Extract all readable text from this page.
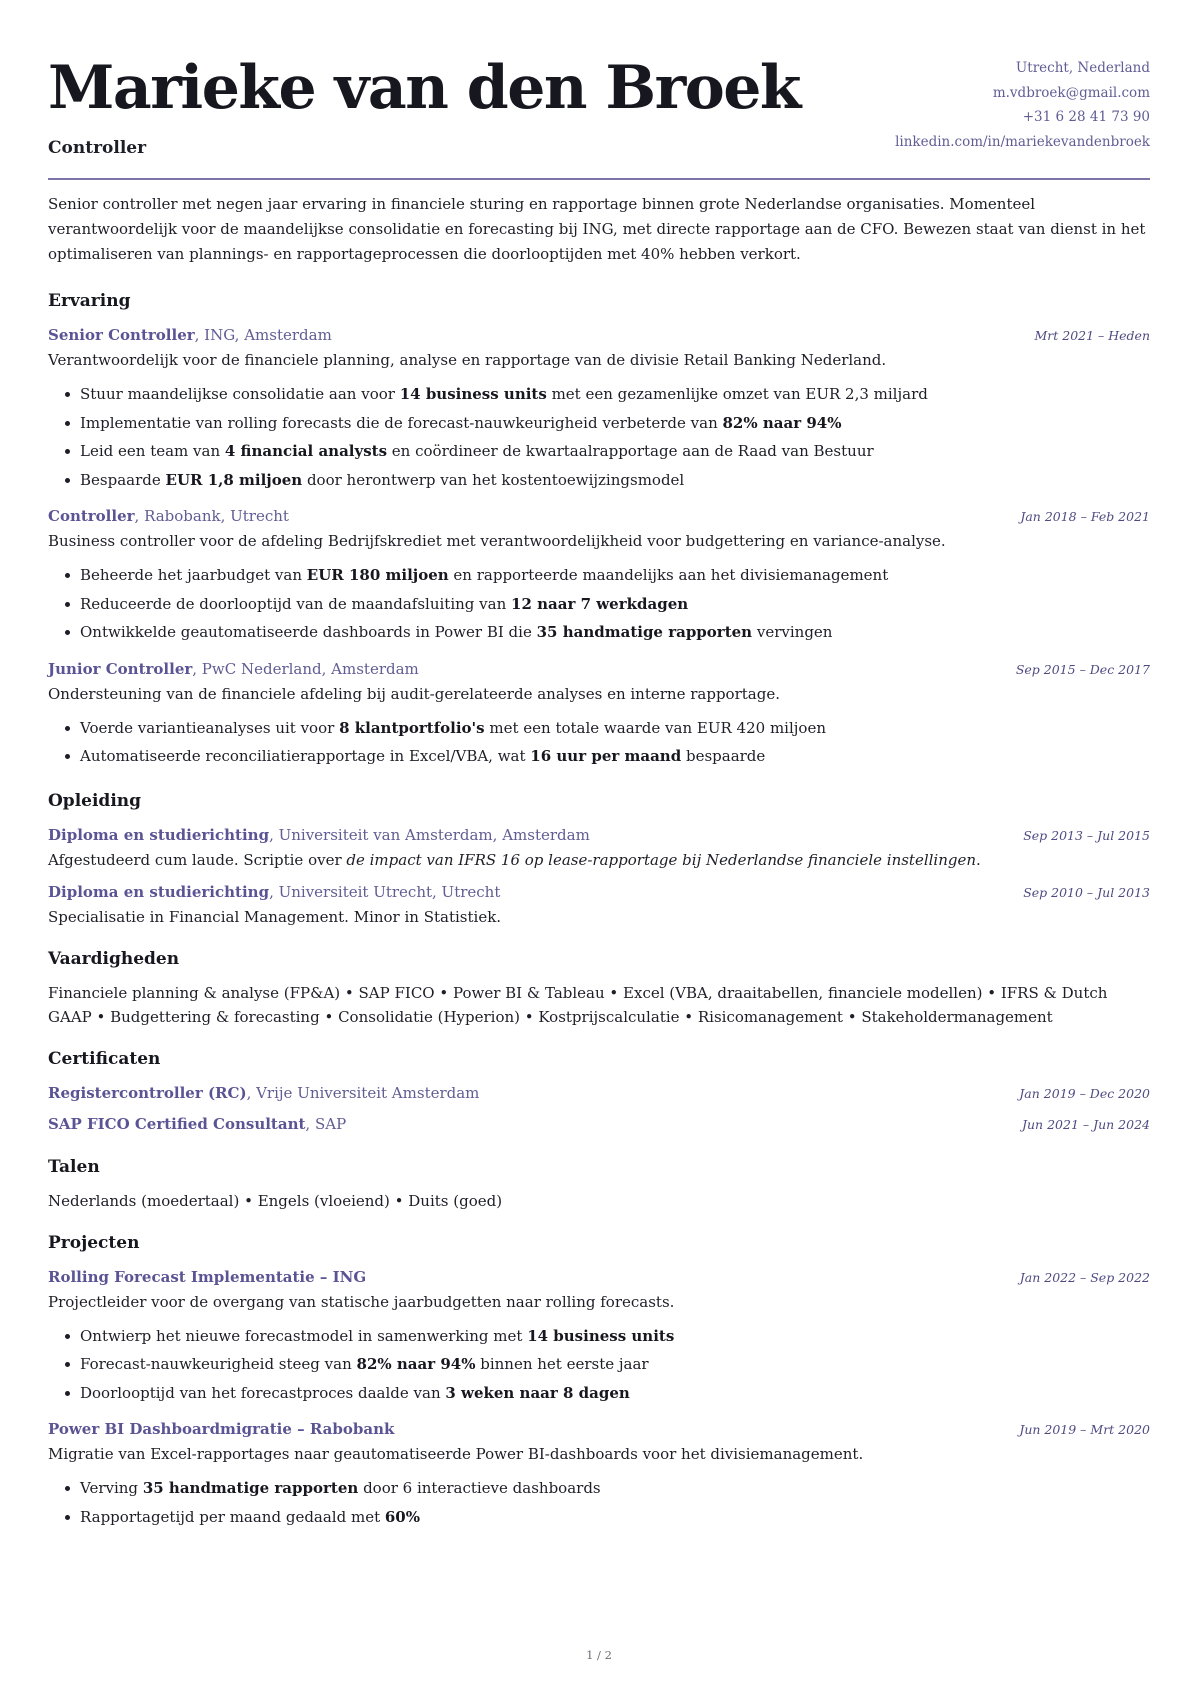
Marieke van den Broek
Controller
Utrecht, Nederland
m.vdbroek@gmail.com
+31 6 28 41 73 90
linkedin.com/in/mariekevandenbroek

Senior controller met negen jaar ervaring in financiele sturing en rapportage binnen grote Nederlandse organisaties. Momenteel verantwoordelijk voor de maandelijkse consolidatie en forecasting bij ING, met directe rapportage aan de CFO. Bewezen staat van dienst in het optimaliseren van plannings- en rapportageprocessen die doorlooptijden met 40% hebben verkort.

Ervaring
Senior Controller, ING, Amsterdam	Mrt 2021 – Heden

Verantwoordelijk voor de financiele planning, analyse en rapportage van de divisie Retail Banking Nederland.

Stuur maandelijkse consolidatie aan voor 14 business units met een gezamenlijke omzet van EUR 2,3 miljard
Implementatie van rolling forecasts die de forecast-nauwkeurigheid verbeterde van 82% naar 94%
Leid een team van 4 financial analysts en coördineer de kwartaalrapportage aan de Raad van Bestuur
Bespaarde EUR 1,8 miljoen door herontwerp van het kostentoewijzingsmodel
Controller, Rabobank, Utrecht	Jan 2018 – Feb 2021

Business controller voor de afdeling Bedrijfskrediet met verantwoordelijkheid voor budgettering en variance-analyse.

Beheerde het jaarbudget van EUR 180 miljoen en rapporteerde maandelijks aan het divisiemanagement
Reduceerde de doorlooptijd van de maandafsluiting van 12 naar 7 werkdagen
Ontwikkelde geautomatiseerde dashboards in Power BI die 35 handmatige rapporten vervingen
Junior Controller, PwC Nederland, Amsterdam	Sep 2015 – Dec 2017

Ondersteuning van de financiele afdeling bij audit-gerelateerde analyses en interne rapportage.

Voerde variantieanalyses uit voor 8 klantportfolio's met een totale waarde van EUR 420 miljoen
Automatiseerde reconciliatierapportage in Excel/VBA, wat 16 uur per maand bespaarde
Opleiding
Diploma en studierichting, Universiteit van Amsterdam, Amsterdam	Sep 2013 – Jul 2015

Afgestudeerd cum laude. Scriptie over de impact van IFRS 16 op lease-rapportage bij Nederlandse financiele instellingen.

Diploma en studierichting, Universiteit Utrecht, Utrecht	Sep 2010 – Jul 2013

Specialisatie in Financial Management. Minor in Statistiek.

Vaardigheden

Financiele planning & analyse (FP&A) • SAP FICO • Power BI & Tableau • Excel (VBA, draaitabellen, financiele modellen) • IFRS & Dutch GAAP • Budgettering & forecasting • Consolidatie (Hyperion) • Kostprijscalculatie • Risicomanagement • Stakeholdermanagement

Certificaten
Registercontroller (RC), Vrije Universiteit Amsterdam	Jan 2019 – Dec 2020
SAP FICO Certified Consultant, SAP	Jun 2021 – Jun 2024
Talen

Nederlands (moedertaal) • Engels (vloeiend) • Duits (goed)

Projecten
Rolling Forecast Implementatie – ING	Jan 2022 – Sep 2022

Projectleider voor de overgang van statische jaarbudgetten naar rolling forecasts.

Ontwierp het nieuwe forecastmodel in samenwerking met 14 business units
Forecast-nauwkeurigheid steeg van 82% naar 94% binnen het eerste jaar
Doorlooptijd van het forecastproces daalde van 3 weken naar 8 dagen
Power BI Dashboardmigratie – Rabobank	Jun 2019 – Mrt 2020

Migratie van Excel-rapportages naar geautomatiseerde Power BI-dashboards voor het divisiemanagement.

Verving 35 handmatige rapporten door 6 interactieve dashboards
Rapportagetijd per maand gedaald met 60%
1 / 2
